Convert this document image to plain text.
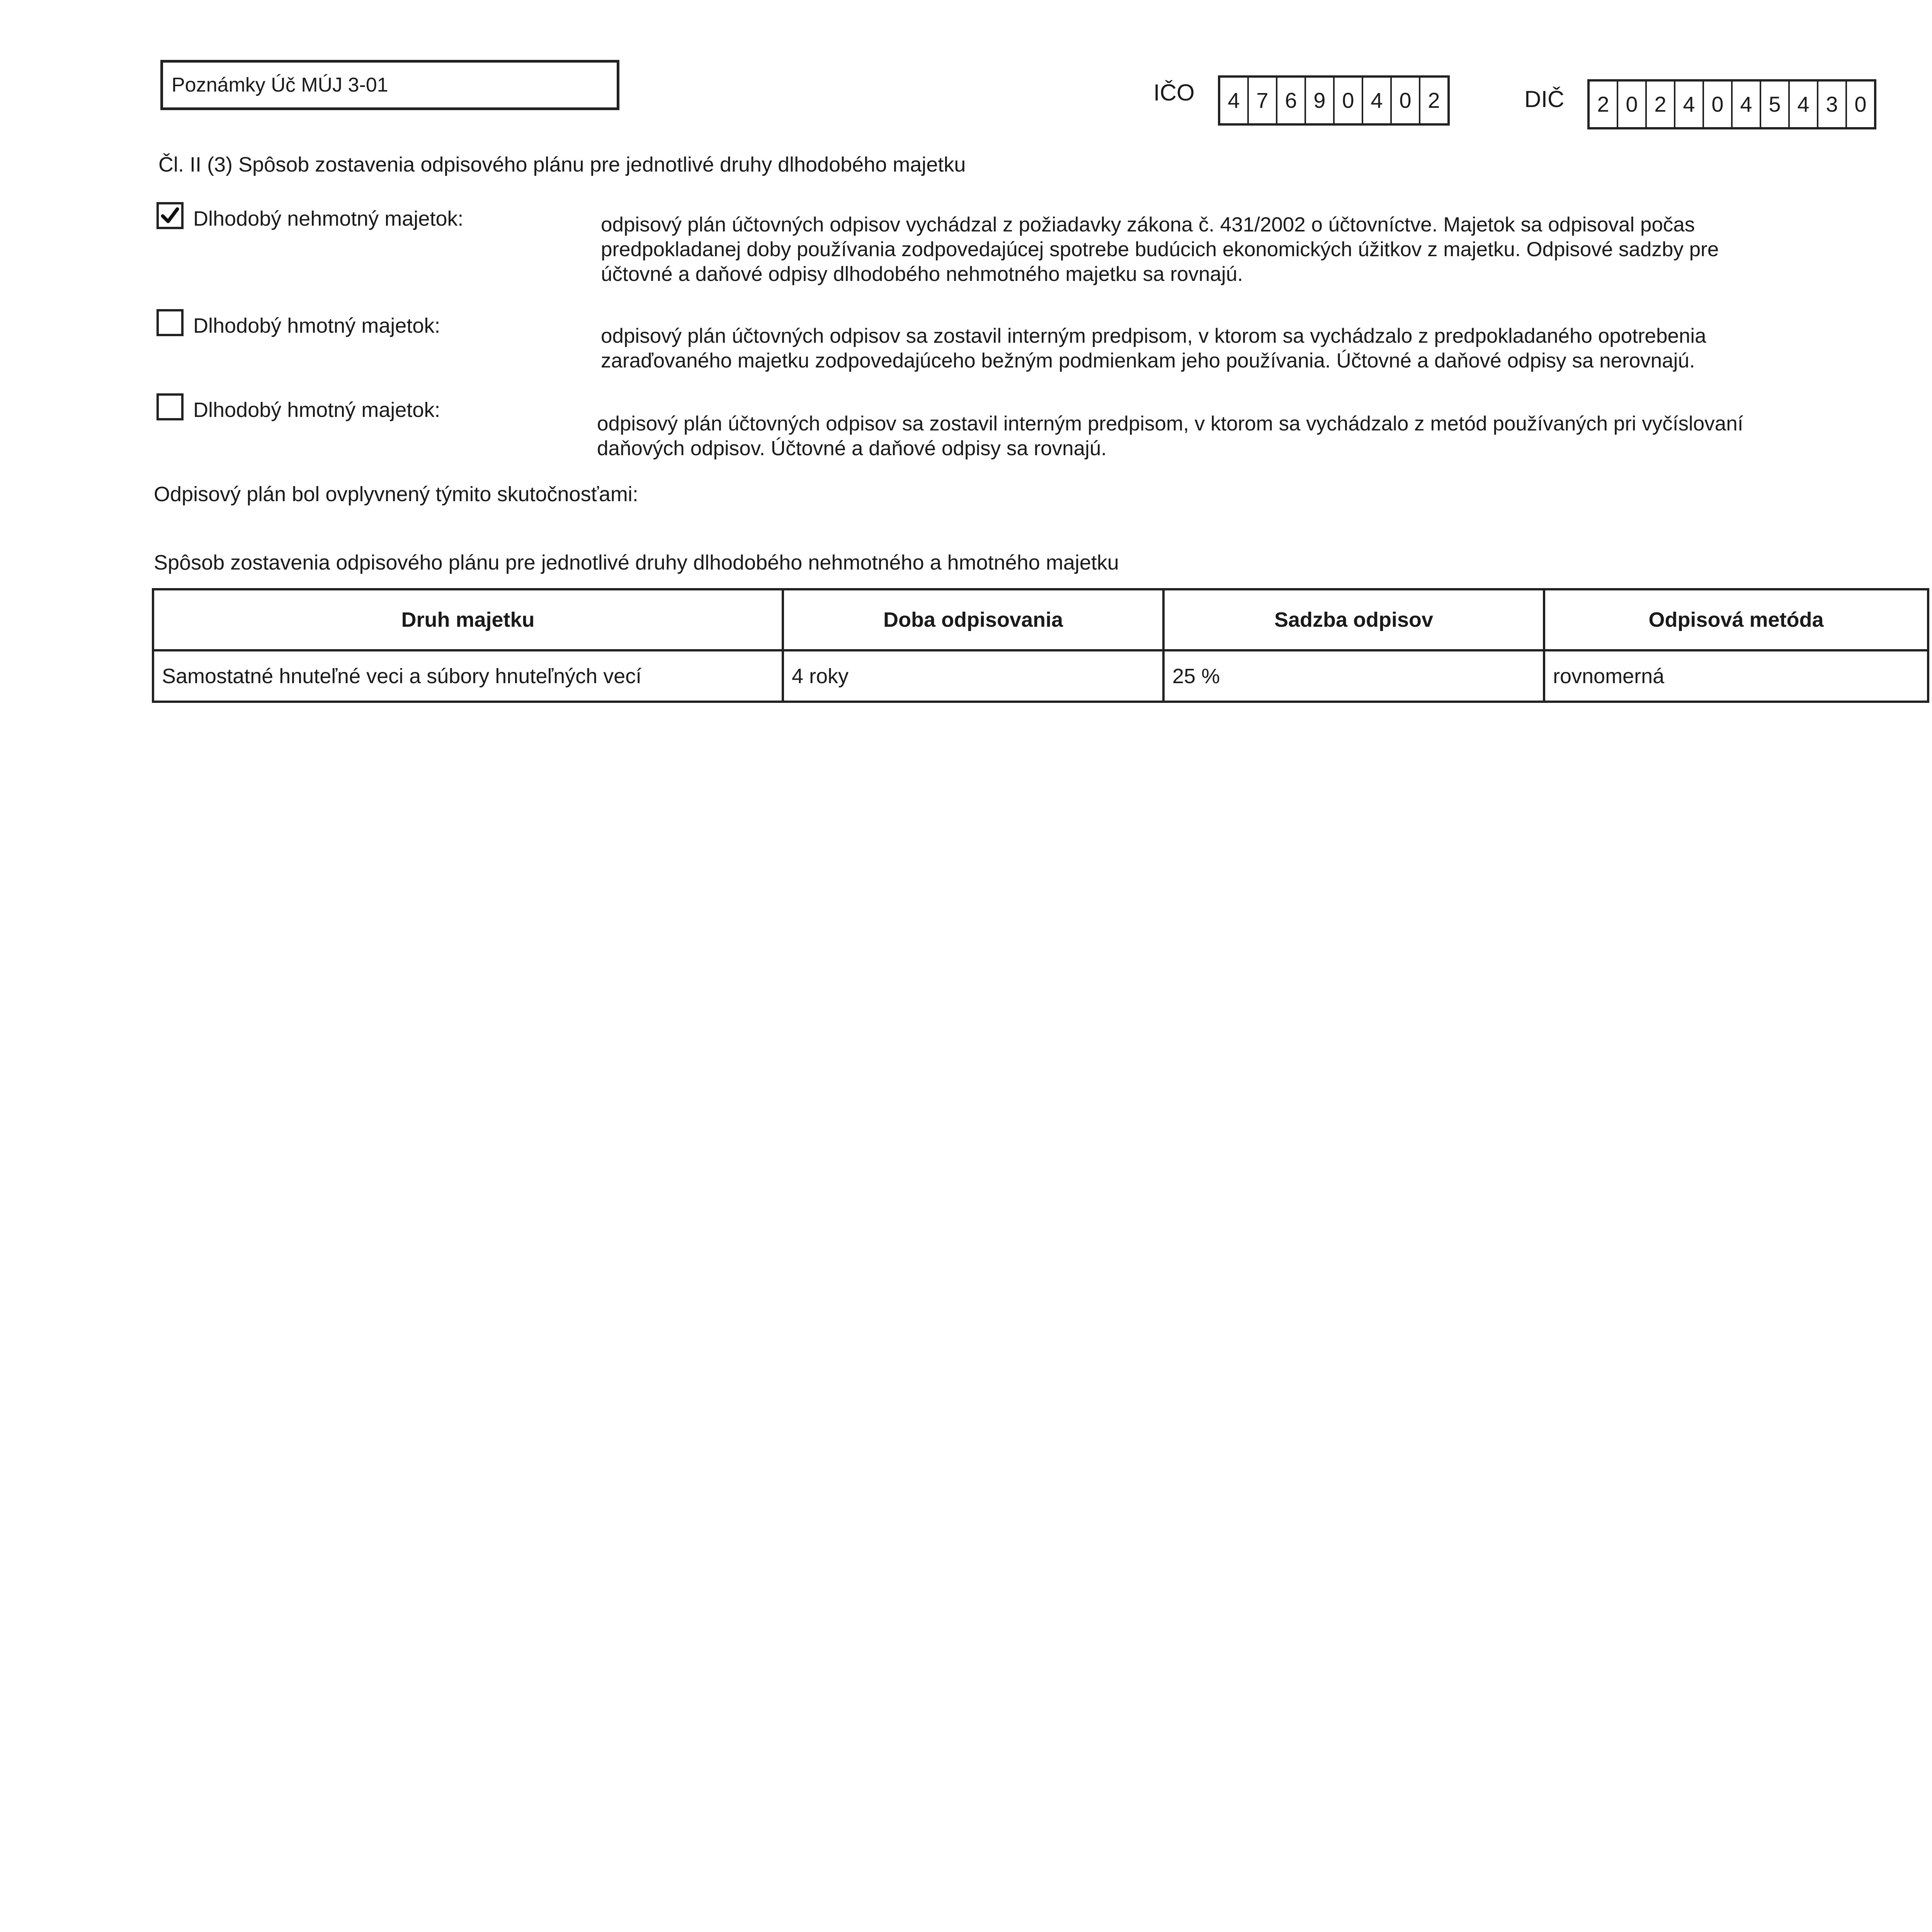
Poznámky Úč MÚJ 3-01	IČO	4 7 6 9 0 4 0 2	DIČ	2 0 2 4 0 4 5 4 3 0
Čl. II (3) Spôsob zostavenia odpisového plánu pre jednotlivé druhy dlhodobého majetku
Dlhodobý nehmotný majetok:	odpisový plán účtovných odpisov vychádzal z požiadavky zákona č. 431/2002 o účtovníctve. Majetok sa odpisoval počas
predpokladanej doby používania zodpovedajúcej spotrebe budúcich ekonomických úžitkov z majetku. Odpisové sadzby pre
účtovné a daňové odpisy dlhodobého nehmotného majetku sa rovnajú.
Dlhodobý hmotný majetok:	odpisový plán účtovných odpisov sa zostavil interným predpisom, v ktorom sa vychádzalo z predpokladaného opotrebenia
zaraďovaného majetku zodpovedajúceho bežným podmienkam jeho používania. Účtovné a daňové odpisy sa nerovnajú.
Dlhodobý hmotný majetok:
odpisový plán účtovných odpisov sa zostavil interným predpisom, v ktorom sa vychádzalo z metód používaných pri vyčíslovaní
daňových odpisov. Účtovné a daňové odpisy sa rovnajú.
Odpisový plán bol ovplyvnený týmito skutočnosťami:
Spôsob zostavenia odpisového plánu pre jednotlivé druhy dlhodobého nehmotného a hmotného majetku
Druh majetku	Doba odpisovania	Sadzba odpisov	Odpisová metóda
Samostatné hnuteľné veci a súbory hnuteľných vecí	4 roky	25 %	rovnomerná
